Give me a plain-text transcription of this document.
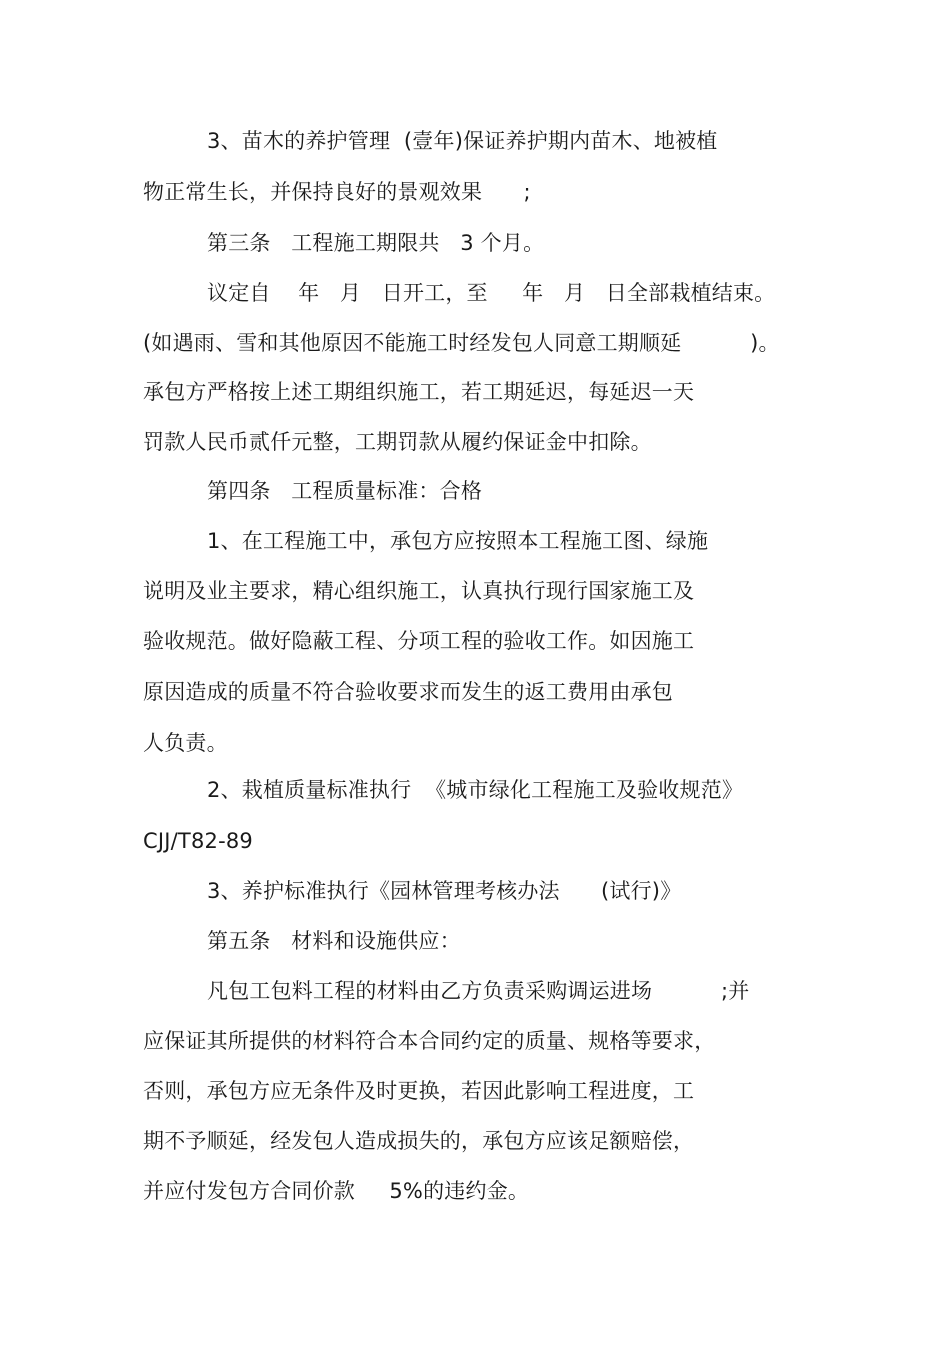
3、苗木的养护管理  (壹年)保证养护期内苗木、地被植
物正常生长，并保持良好的景观效果      ;
第三条   工程施工期限共   3 个月。
议定自    年   月   日开工，至     年   月   日全部栽植结束。
(如遇雨、雪和其他原因不能施工时经发包人同意工期顺延          )。
承包方严格按上述工期组织施工，若工期延迟，每延迟一天
罚款人民币贰仟元整，工期罚款从履约保证金中扣除。
第四条   工程质量标准：合格
1、在工程施工中，承包方应按照本工程施工图、绿施
说明及业主要求，精心组织施工，认真执行现行国家施工及
验收规范。做好隐蔽工程、分项工程的验收工作。如因施工
原因造成的质量不符合验收要求而发生的返工费用由承包
人负责。
2、栽植质量标准执行  《城市绿化工程施工及验收规范》
CJJ/T82-89
3、养护标准执行《园林管理考核办法      (试行)》
第五条   材料和设施供应：
凡包工包料工程的材料由乙方负责采购调运进场          ;并
应保证其所提供的材料符合本合同约定的质量、规格等要求，
否则，承包方应无条件及时更换，若因此影响工程进度，工
期不予顺延，经发包人造成损失的，承包方应该足额赔偿，
并应付发包方合同价款     5%的违约金。
